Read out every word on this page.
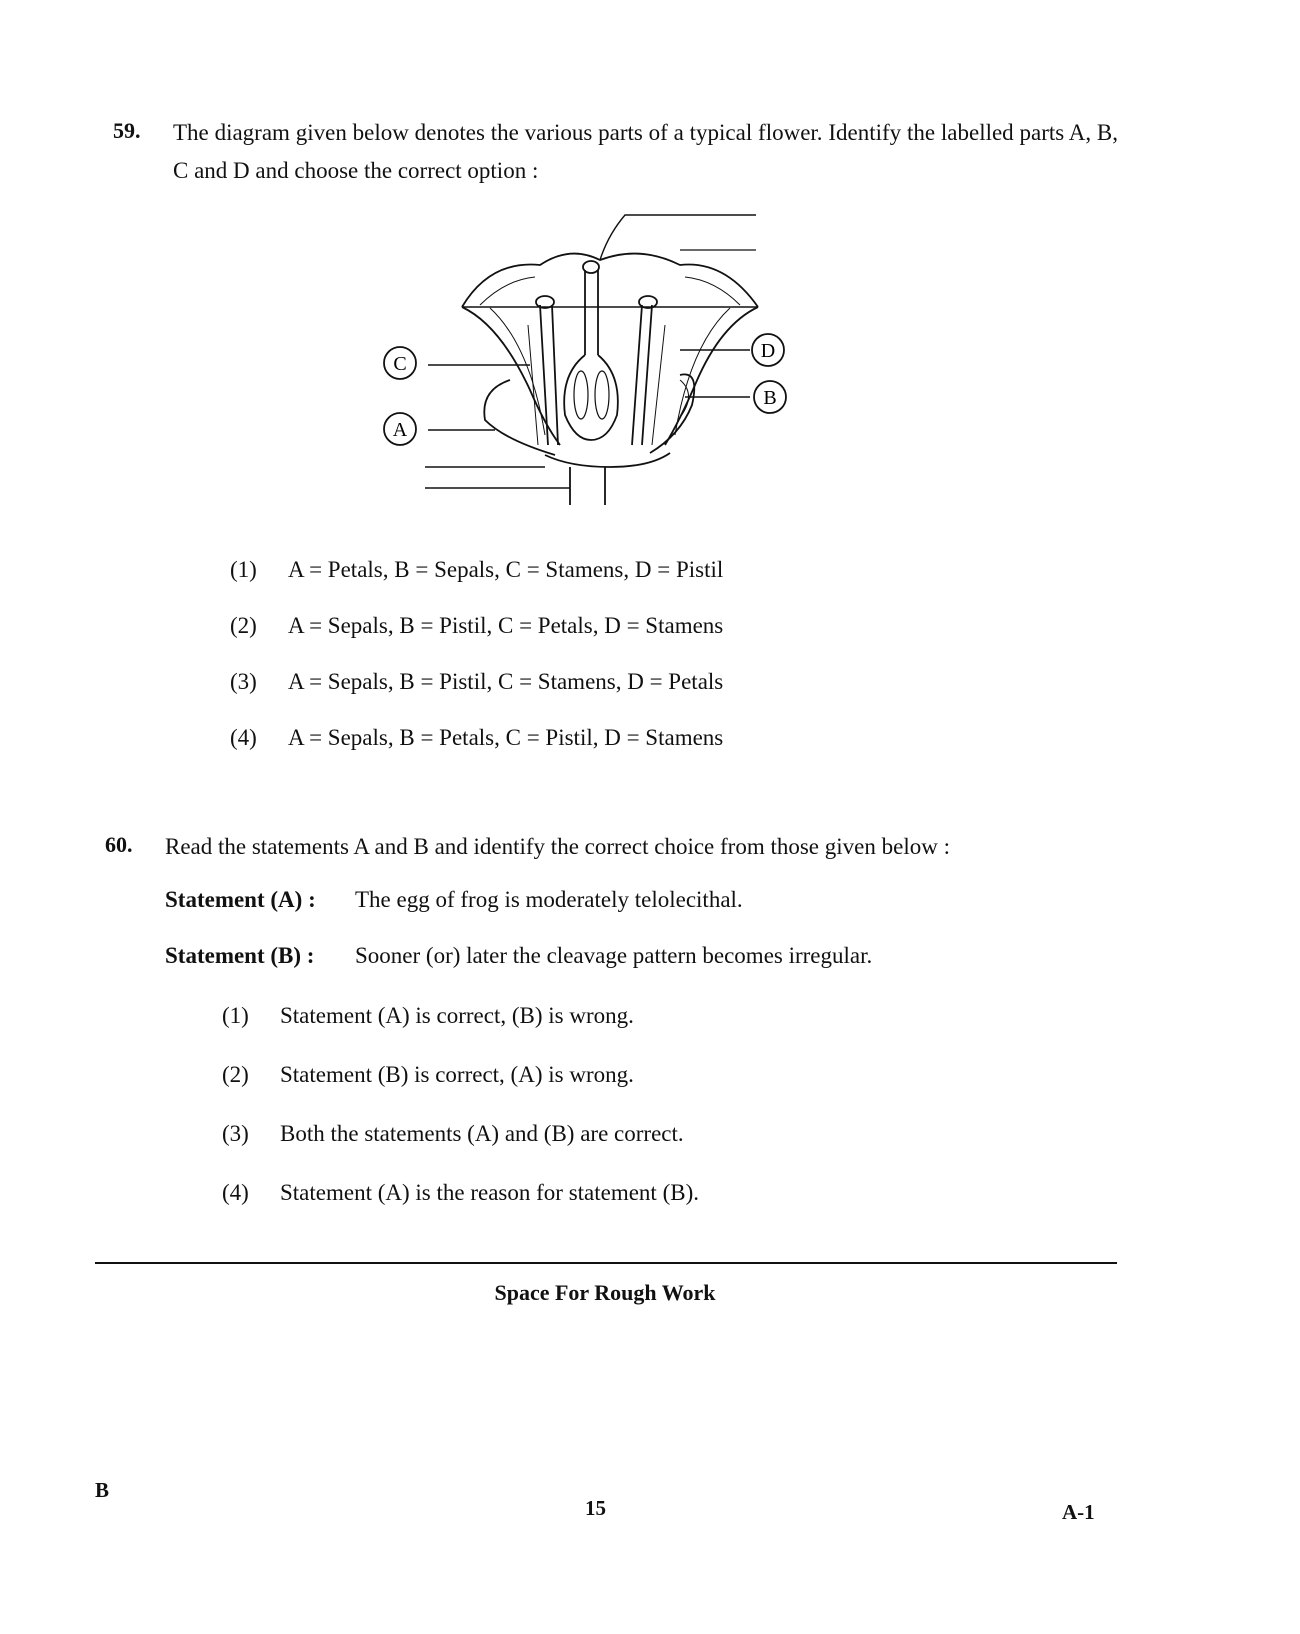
59. The diagram given below denotes the various parts of a typical flower. Identify the labelled parts A, B, C and D and choose the correct option :
C
A
D
B
(1) A = Petals, B = Sepals, C = Stamens, D = Pistil
(2) A = Sepals, B = Pistil, C = Petals, D = Stamens
(3) A = Sepals, B = Pistil, C = Stamens, D = Petals
(4) A = Sepals, B = Petals, C = Pistil, D = Stamens
60. Read the statements A and B and identify the correct choice from those given below :
Statement (A) : The egg of frog is moderately telolecithal.
Statement (B) : Sooner (or) later the cleavage pattern becomes irregular.
(1) Statement (A) is correct, (B) is wrong.
(2) Statement (B) is correct, (A) is wrong.
(3) Both the statements (A) and (B) are correct.
(4) Statement (A) is the reason for statement (B).
Space For Rough Work
B
15	A-1
